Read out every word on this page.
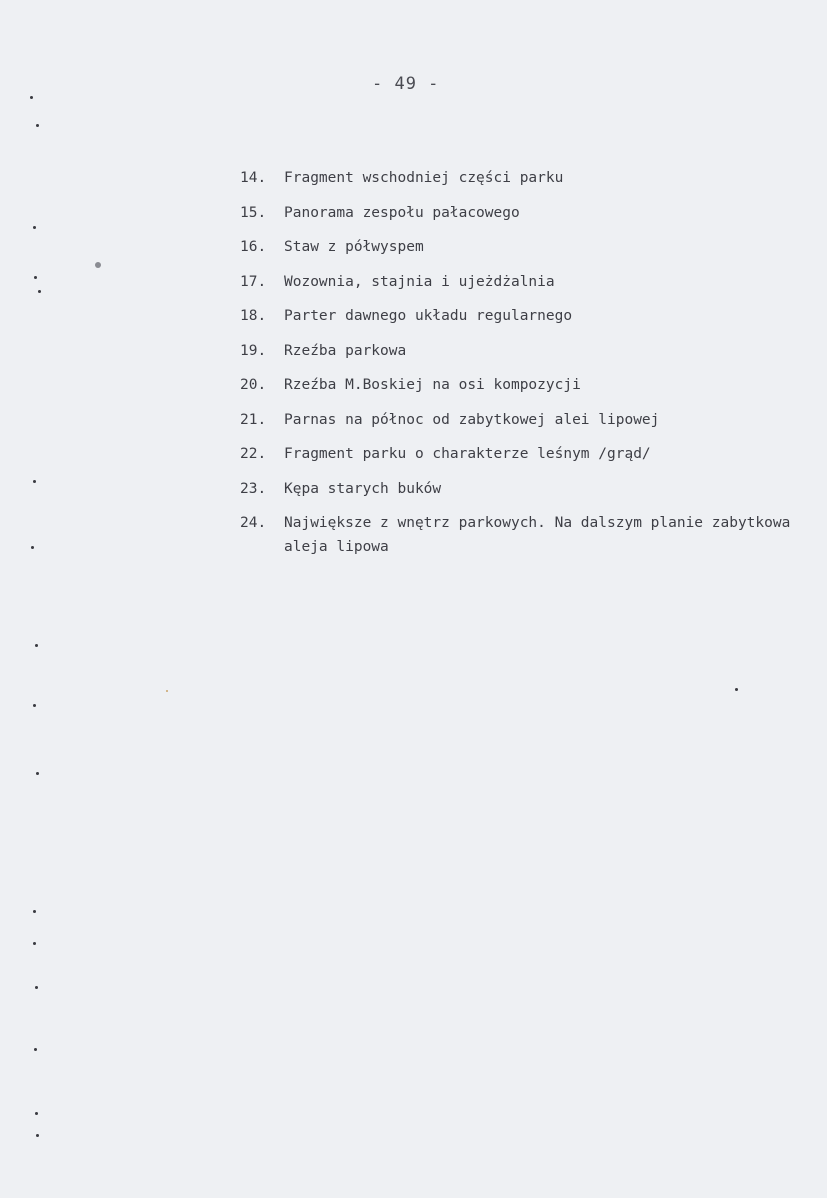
- 49 -
14.	Fragment wschodniej części parku
15.	Panorama zespołu pałacowego
16.	Staw z półwyspem
17.	Wozownia, stajnia i ujeżdżalnia
18.	Parter dawnego układu regularnego
19.	Rzeźba parkowa
20.	Rzeźba M.Boskiej na osi kompozycji
21.	Parnas na północ od zabytkowej alei lipowej
22.	Fragment parku o charakterze leśnym /grąd/
23.	Kępa starych buków
24.	Największe z wnętrz parkowych. Na dalszym planie zabytkowa aleja lipowa
